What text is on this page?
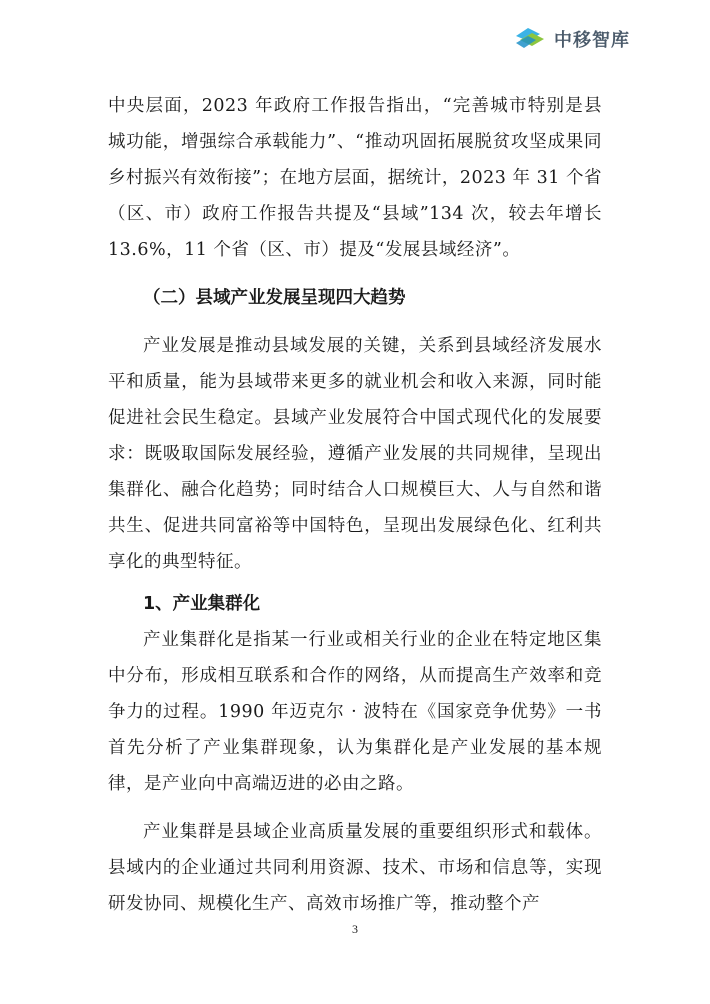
中移智库

中央层面，2023 年政府工作报告指出，“完善城市特别是县城功能，增强综合承载能力”、“推动巩固拓展脱贫攻坚成果同乡村振兴有效衔接”；在地方层面，据统计，2023 年 31 个省（区、市）政府工作报告共提及“县域”134 次，较去年增长 13.6%，11 个省（区、市）提及“发展县域经济”。

（二）县域产业发展呈现四大趋势

产业发展是推动县域发展的关键，关系到县域经济发展水平和质量，能为县域带来更多的就业机会和收入来源，同时能促进社会民生稳定。县域产业发展符合中国式现代化的发展要求：既吸取国际发展经验，遵循产业发展的共同规律，呈现出集群化、融合化趋势；同时结合人口规模巨大、人与自然和谐共生、促进共同富裕等中国特色，呈现出发展绿色化、红利共享化的典型特征。

1、产业集群化

产业集群化是指某一行业或相关行业的企业在特定地区集中分布，形成相互联系和合作的网络，从而提高生产效率和竞争力的过程。1990 年迈克尔 · 波特在《国家竞争优势》一书首先分析了产业集群现象，认为集群化是产业发展的基本规律，是产业向中高端迈进的必由之路。

产业集群是县域企业高质量发展的重要组织形式和载体。县域内的企业通过共同利用资源、技术、市场和信息等，实现研发协同、规模化生产、高效市场推广等，推动整个产

3
